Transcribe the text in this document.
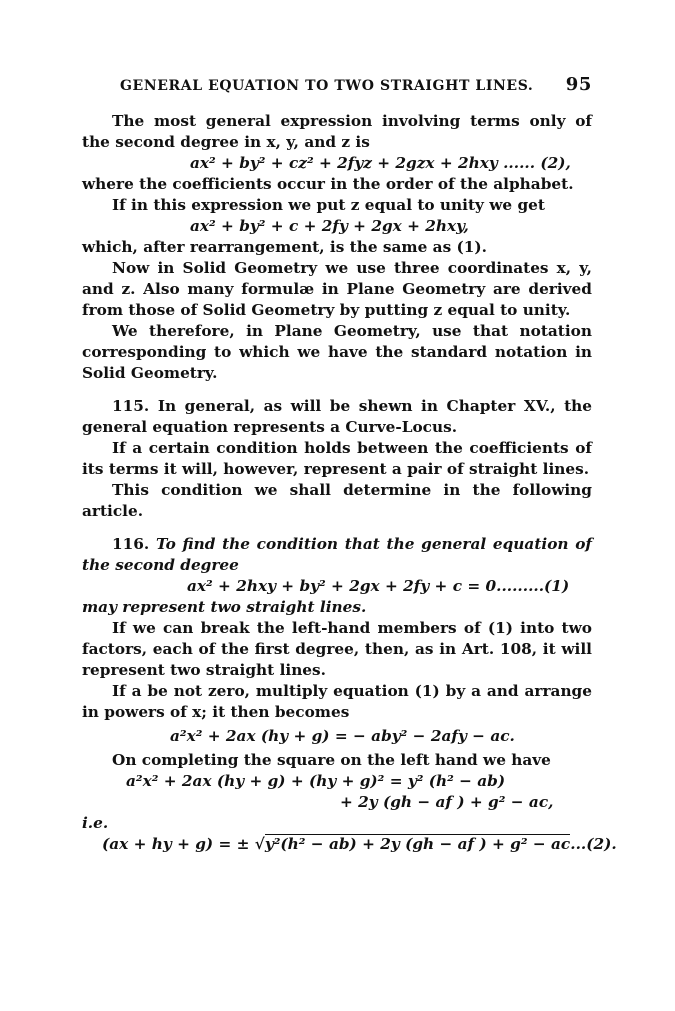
GENERAL EQUATION TO TWO STRAIGHT LINES. 95

The most general expression involving terms only of the second degree in x, y, and z is

ax² + by² + cz² + 2fyz + 2gzx + 2hxy ...... (2),

where the coefficients occur in the order of the alphabet.

If in this expression we put z equal to unity we get

ax² + by² + c + 2fy + 2gx + 2hxy,

which, after rearrangement, is the same as (1).

Now in Solid Geometry we use three coordinates x, y, and z. Also many formulæ in Plane Geometry are derived from those of Solid Geometry by putting z equal to unity.

We therefore, in Plane Geometry, use that notation corresponding to which we have the standard notation in Solid Geometry.

115. In general, as will be shewn in Chapter XV., the general equation represents a Curve-Locus.

If a certain condition holds between the coefficients of its terms it will, however, represent a pair of straight lines.

This condition we shall determine in the following article.

116. To find the condition that the general equation of the second degree

ax² + 2hxy + by² + 2gx + 2fy + c = 0.........(1)

may represent two straight lines.

If we can break the left-hand members of (1) into two factors, each of the first degree, then, as in Art. 108, it will represent two straight lines.

If a be not zero, multiply equation (1) by a and arrange in powers of x; it then becomes

a²x² + 2ax (hy + g) = − aby² − 2afy − ac.

On completing the square on the left hand we have

a²x² + 2ax (hy + g) + (hy + g)² = y² (h² − ab)
+ 2y (gh − af ) + g² − ac,
i.e.
(ax + hy + g) = ± √y²(h² − ab) + 2y (gh − af ) + g² − ac...(2).
